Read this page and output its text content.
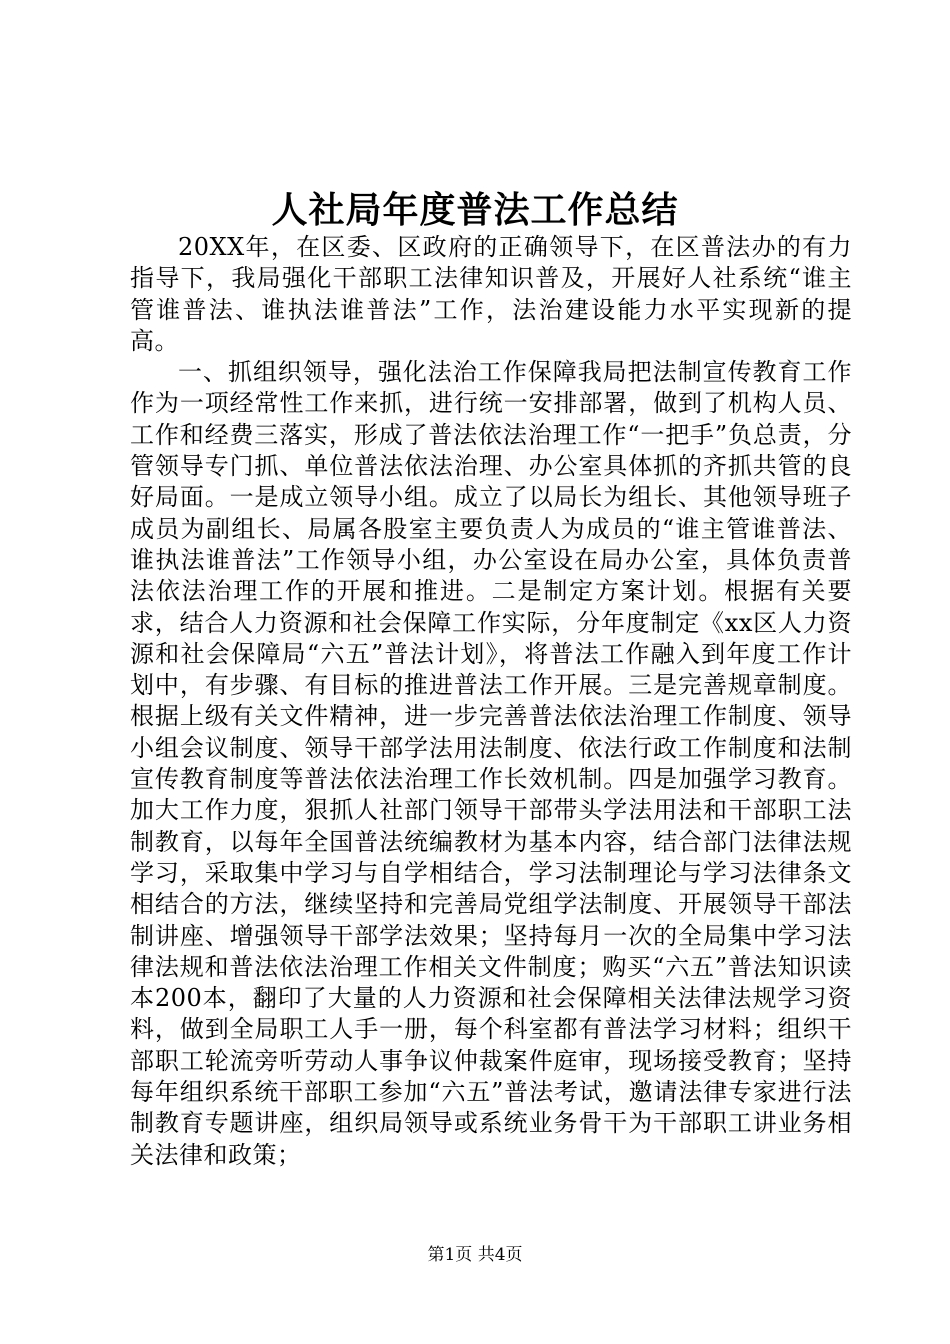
人社局年度普法工作总结

20XX年，在区委、区政府的正确领导下，在区普法办的有力指导下，我局强化干部职工法律知识普及，开展好人社系统“谁主管谁普法、谁执法谁普法”工作，法治建设能力水平实现新的提高。

一、抓组织领导，强化法治工作保障我局把法制宣传教育工作作为一项经常性工作来抓，进行统一安排部署，做到了机构人员、工作和经费三落实，形成了普法依法治理工作“一把手”负总责，分管领导专门抓、单位普法依法治理、办公室具体抓的齐抓共管的良好局面。一是成立领导小组。成立了以局长为组长、其他领导班子成员为副组长、局属各股室主要负责人为成员的“谁主管谁普法、谁执法谁普法”工作领导小组，办公室设在局办公室，具体负责普法依法治理工作的开展和推进。二是制定方案计划。根据有关要求，结合人力资源和社会保障工作实际，分年度制定《xx区人力资源和社会保障局“六五”普法计划》，将普法工作融入到年度工作计划中，有步骤、有目标的推进普法工作开展。三是完善规章制度。根据上级有关文件精神，进一步完善普法依法治理工作制度、领导小组会议制度、领导干部学法用法制度、依法行政工作制度和法制宣传教育制度等普法依法治理工作长效机制。四是加强学习教育。加大工作力度，狠抓人社部门领导干部带头学法用法和干部职工法制教育，以每年全国普法统编教材为基本内容，结合部门法律法规学习，采取集中学习与自学相结合，学习法制理论与学习法律条文相结合的方法，继续坚持和完善局党组学法制度、开展领导干部法制讲座、增强领导干部学法效果；坚持每月一次的全局集中学习法律法规和普法依法治理工作相关文件制度；购买“六五”普法知识读本200本，翻印了大量的人力资源和社会保障相关法律法规学习资料，做到全局职工人手一册，每个科室都有普法学习材料；组织干部职工轮流旁听劳动人事争议仲裁案件庭审，现场接受教育；坚持每年组织系统干部职工参加“六五”普法考试，邀请法律专家进行法制教育专题讲座，组织局领导或系统业务骨干为干部职工讲业务相关法律和政策；

第1页 共4页
